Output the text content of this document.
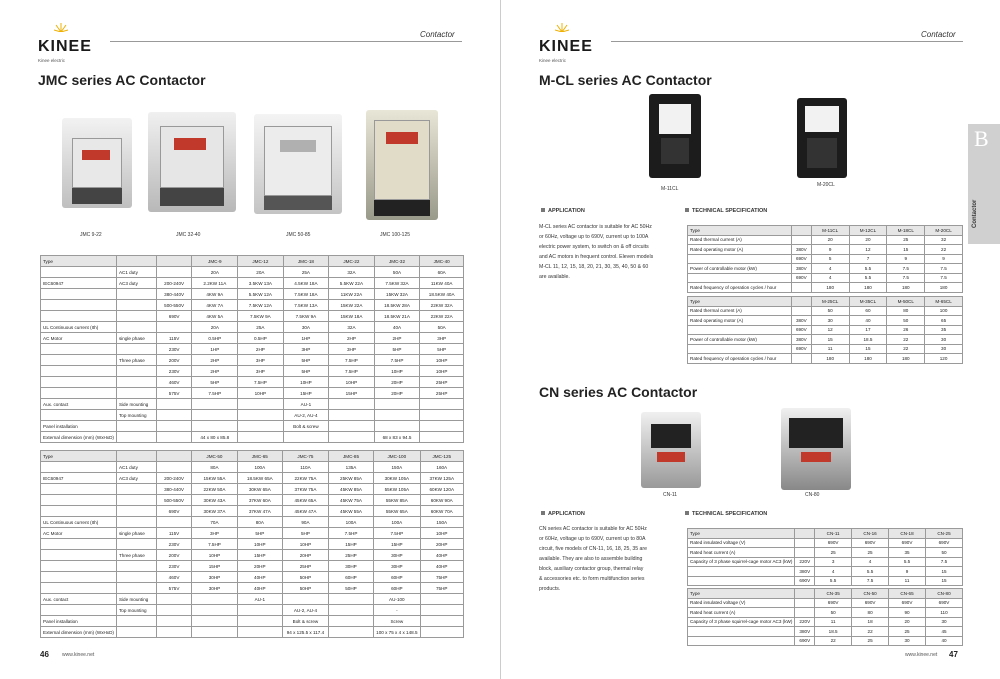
KINEE
Kinee electric
Contactor
JMC series AC Contactor
JMC 9-22	JMC 32-40	JMC 50-85	JMC 100-125
Type			JMC-9	JMC-12	JMC-18	JMC-22	JMC-32	JMC-40
	AC1 duty		20A	20A	25A	32A	50A	60A
IEC60947	AC3 duty	200-240V	2.2KW 11A	3.5KW 13A	4.5KW 18A	5.5KW 22A	7.5KW 32A	11KW 40A
		380-440V	4KW 9A	5.5KW 12A	7.5KW 18A	11KW 22A	15KW 32A	18.5KW 40A
		500-550V	4KW 7A	7.5KW 12A	7.5KW 13A	15KW 22A	18.5KW 28A	22KW 32A
		690V	4KW 5A	7.5KW 9A	7.5KW 9A	15KW 18A	18.5KW 21A	22KW 22A
UL Continuous current (Ith)			20A	25A	30A	32A	40A	50A
AC Motor	single phase	115V	0.5HP	0.5HP	1HP	2HP	2HP	3HP
		230V	1HP	2HP	3HP	3HP	5HP	5HP
	Three phase	200V	2HP	3HP	5HP	7.5HP	7.5HP	10HP
		230V	2HP	3HP	5HP	7.5HP	10HP	10HP
		460V	5HP	7.5HP	10HP	10HP	20HP	25HP
		575V	7.5HP	10HP	15HP	15HP	20HP	25HP
Aux. contact	Side mounting				AU-1			
	Top mounting				AU-2, AU-4			
Panel installation					Bolt & screw			
External dimension (mm) (WxHxD)			44 x 80 x 85.8				68 x 83 x 94.5	
Type			JMC-50	JMC-65	JMC-75	JMC-85	JMC-100	JMC-125
	AC1 duty		80A	100A	110A	135A	150A	160A
IEC60947	AC3 duty	200-240V	15KW 55A	18.5KW 65A	22KW 75A	25KW 85A	30KW 105A	37KW 125A
		380-440V	22KW 50A	30KW 65A	37KW 75A	45KW 85A	55KW 105A	60KW 120A
		500-550V	30KW 43A	37KW 60A	45KW 65A	45KW 75A	55KW 85A	60KW 90A
		690V	30KW 37A	37KW 47A	45KW 47A	45KW 55A	55KW 65A	60KW 70A
UL Continuous current (Ith)			70A	80A	90A	100A	100A	150A
AC Motor	single phase	115V	3HP	5HP	5HP	7.5HP	7.5HP	10HP
		230V	7.5HP	10HP	10HP	15HP	15HP	20HP
	Three phase	200V	10HP	15HP	20HP	25HP	30HP	40HP
		230V	15HP	20HP	25HP	30HP	30HP	40HP
		460V	30HP	40HP	50HP	60HP	60HP	75HP
		575V	30HP	40HP	50HP	50HP	60HP	75HP
Aux. contact	Side mounting			AU-1			AU-100	
	Top mounting				AU-2, AU-4		-	
Panel installation					Bolt & screw		Screw	
External dimension (mm) (WxHxD)					94 x 125.5 x 117.4		100 x 75 x 4 x 148.5	
46	www.kinee.net
KINEE
Kinee electric
Contactor
M-CL series AC Contactor
M-11CL
M-20CL
APPLICATION	TECHNICAL SPECIFICATION
M-CL series AC contactor is suitable for AC 50Hz
or 60Hz, voltage up to 690V, current up to 100A
electric power system, to switch on & off circuits
and AC motors in frequent control. Eleven models
M-CL 11, 12, 15, 18, 20, 21, 30, 35, 40, 50 & 60
are available.
Type		M-11CL	M-12CL	M-18CL	M-20CL
Rated thermal current (A)		20	20	25	32
Rated operating motor (A)	380V	9	12	15	22
	690V	5	7	9	9
Power of controllable motor (kW)	380V	4	5.5	7.5	7.5
	690V	4	5.5	7.5	7.5
Rated frequency of operation cycles / hour		180	180	180	180
Type		M-25CL	M-35CL	M-50CL	M-65CL
Rated thermal current (A)		50	60	80	100
Rated operating motor (A)	380V	30	40	50	65
	690V	12	17	26	35
Power of controllable motor (kW)	380V	15	18.5	22	30
	690V	11	15	22	30
Rated frequency of operation cycles / hour		180	180	180	120
CN series AC Contactor
CN-11	CN-80
APPLICATION	TECHNICAL SPECIFICATION
CN series AC contactor is suitable for AC 50Hz
or 60Hz, voltage up to 690V, current up to 80A
circuit, five models of CN-11, 16, 18, 25, 35 are
available. They are also to assemble building
block, auxiliary contactor group, thermal relay
& accessories etc. to form multifunction series
products.
Type		CN-11	CN-16	CN-18	CN-25
Rated insulated voltage (V)		690V	690V	690V	690V
Rated heat current (A)		25	25	35	50
Capacity of 3 phase squirrel-cage motor AC3 (kW)	220V	3	4	5.5	7.5
	380V	4	5.5	9	15
	690V	5.5	7.5	11	15
Type		CN-35	CN-50	CN-65	CN-80
Rated insulated voltage (V)		690V	690V	690V	690V
Rated heat current (A)		50	80	90	110
Capacity of 3 phase squirrel-cage motor AC3 (kW)	220V	11	18	20	30
	380V	18.5	22	25	45
	690V	22	25	30	40
www.kinee.net 47
B
Contactor
